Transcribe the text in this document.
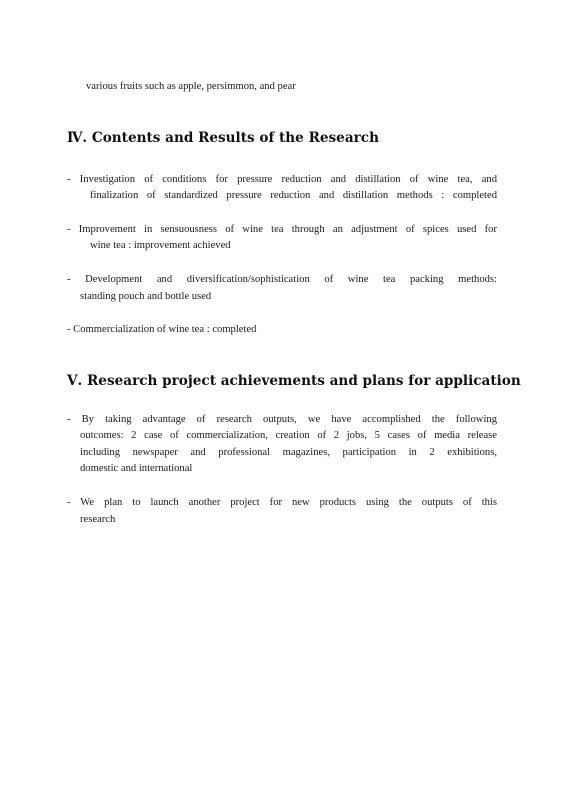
various fruits such as apple, persimmon, and pear
Ⅳ. Contents and Results of the Research
- Investigation of conditions for pressure reduction and distillation of wine tea, and
finalization of standardized pressure reduction and distillation methods : completed
- Improvement in sensuousness of wine tea through an adjustment of spices used for
wine tea : improvement achieved
- Development and diversification/sophistication of wine tea packing methods:
standing pouch and bottle used
- Commercialization of wine tea : completed
Ⅴ. Research project achievements and plans for application
- By taking advantage of research outputs, we have accomplished the following
outcomes: 2 case of commercialization, creation of 2 jobs, 5 cases of media release
including newspaper and professional magazines, participation in 2 exhibitions,
domestic and international
- We plan to launch another project for new products using the outputs of this
research
